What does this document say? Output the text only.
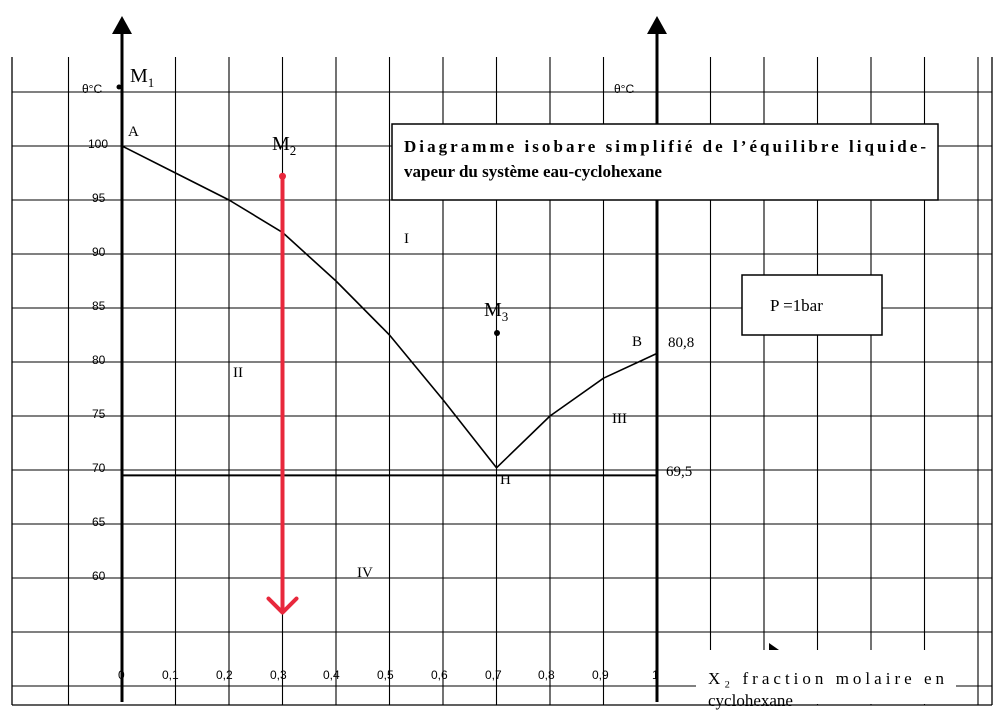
θ°C	θ°C
100
95
90
85
80
75
70
65
60
0	0,1	0,2	0,3	0,4	0,5	0,6	0,7	0,8	0,9	1	X₂ fraction molaire en
cyclohexane
A
B
H
$M_1$
$M_2$
$M_3$
80,8
69,5
I
II
III
IV
Diagramme isobare simplifié de l’équilibre liquide-
vapeur du système eau-cyclohexane
P =1bar
